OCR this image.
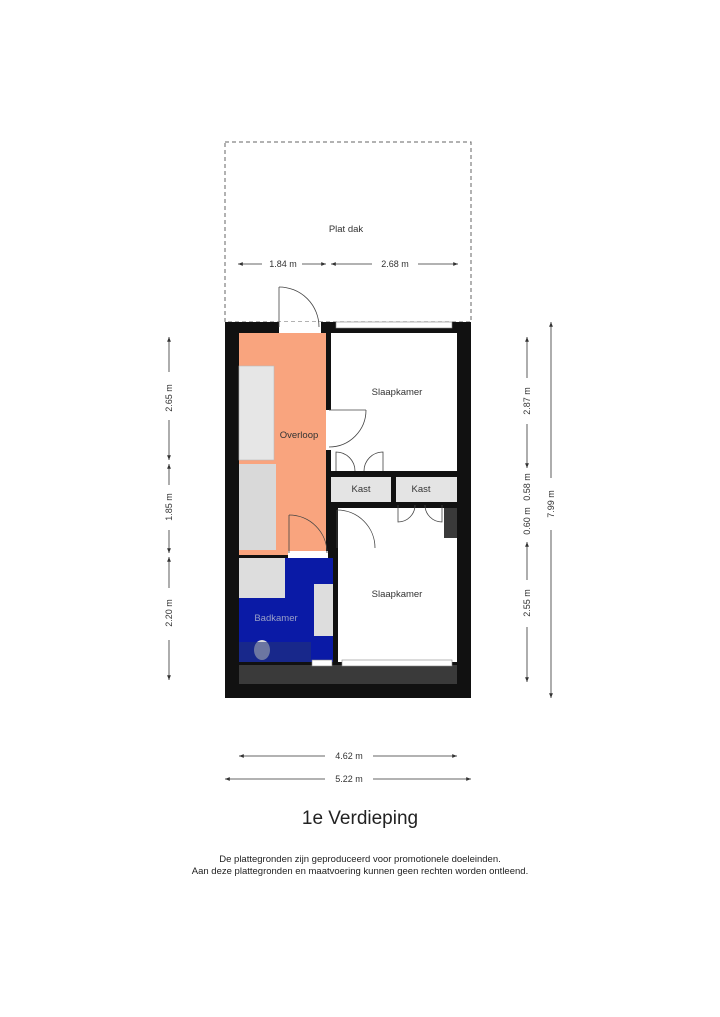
Plat dak
1.84 m	2.68 m
Slaapkamer
Overloop
Kast	Kast
Slaapkamer
Badkamer
2.65 m
1.85 m
2.20 m
2.87 m
0.58 m
0.60 m
2.55 m
7.99 m
4.62 m
5.22 m
1e Verdieping
De plattegronden zijn geproduceerd voor promotionele doeleinden.
Aan deze plattegronden en maatvoering kunnen geen rechten worden ontleend.
